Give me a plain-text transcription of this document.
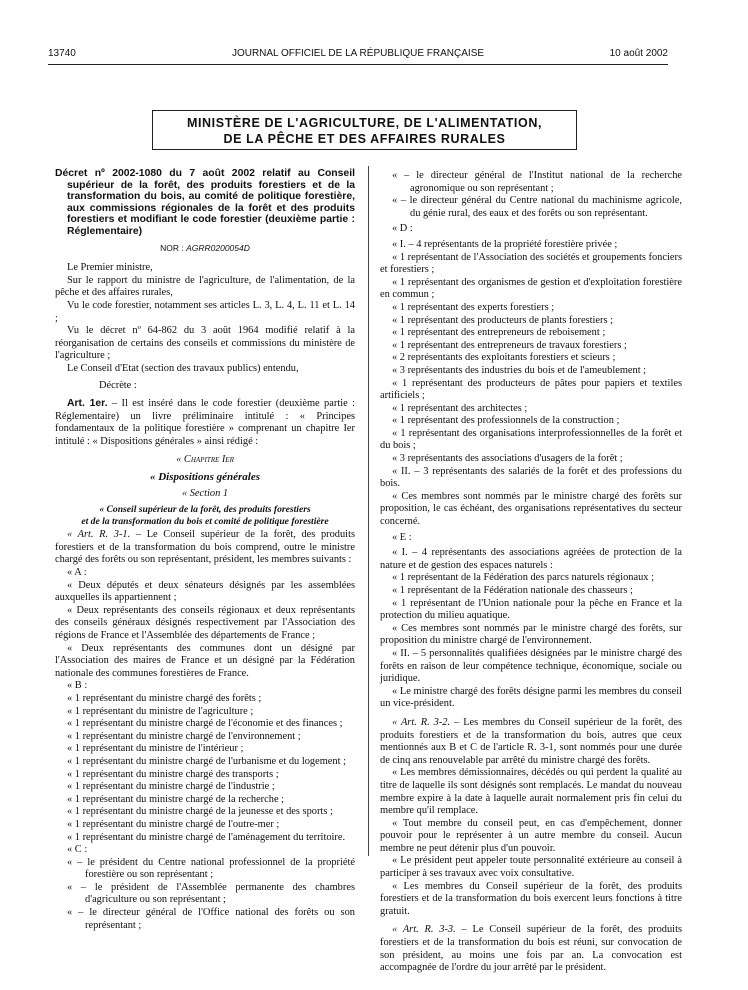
13740	JOURNAL OFFICIEL DE LA RÉPUBLIQUE FRANÇAISE	10 août 2002
MINISTÈRE DE L'AGRICULTURE, DE L'ALIMENTATION,
DE LA PÊCHE ET DES AFFAIRES RURALES
Décret nº 2002-1080 du 7 août 2002 relatif au Conseil supérieur de la forêt, des produits forestiers et de la transformation du bois, au comité de politique forestière, aux commissions régionales de la forêt et des produits forestiers et modifiant le code forestier (deuxième partie : Réglementaire)
NOR : AGRR0200054D

Le Premier ministre,

Sur le rapport du ministre de l'agriculture, de l'alimentation, de la pêche et des affaires rurales,

Vu le code forestier, notamment ses articles L. 3, L. 4, L. 11 et L. 14 ;

Vu le décret nº 64-862 du 3 août 1964 modifié relatif à la réorganisation de certains des conseils et commissions du ministère de l'agriculture ;

Le Conseil d'Etat (section des travaux publics) entendu,

Décrète :

Art. 1er. – Il est inséré dans le code forestier (deuxième partie : Réglementaire) un livre préliminaire intitulé : « Principes fondamentaux de la politique forestière » comprenant un chapitre Ier intitulé : « Dispositions générales » ainsi rédigé :

« Chapitre Ier

« Dispositions générales

« Section 1

« Conseil supérieur de la forêt, des produits forestiers
et de la transformation du bois et comité de politique forestière

« Art. R. 3-1. – Le Conseil supérieur de la forêt, des produits forestiers et de la transformation du bois comprend, outre le ministre chargé des forêts ou son représentant, président, les membres suivants :

« A :

« Deux députés et deux sénateurs désignés par les assemblées auxquelles ils appartiennent ;

« Deux représentants des conseils régionaux et deux représentants des conseils généraux désignés respectivement par l'Association des régions de France et l'Assemblée des départements de France ;

« Deux représentants des communes dont un désigné par l'Association des maires de France et un désigné par la Fédération nationale des communes forestières de France.

« B :

« 1 représentant du ministre chargé des forêts ;

« 1 représentant du ministre de l'agriculture ;

« 1 représentant du ministre chargé de l'économie et des finances ;

« 1 représentant du ministre chargé de l'environnement ;

« 1 représentant du ministre de l'intérieur ;

« 1 représentant du ministre chargé de l'urbanisme et du logement ;

« 1 représentant du ministre chargé des transports ;

« 1 représentant du ministre chargé de l'industrie ;

« 1 représentant du ministre chargé de la recherche ;

« 1 représentant du ministre chargé de la jeunesse et des sports ;

« 1 représentant du ministre chargé de l'outre-mer ;

« 1 représentant du ministre chargé de l'aménagement du territoire.

« C :

« – le président du Centre national professionnel de la propriété forestière ou son représentant ;

« – le président de l'Assemblée permanente des chambres d'agriculture ou son représentant ;

« – le directeur général de l'Office national des forêts ou son représentant ;

« – le directeur général de l'Institut national de la recherche agronomique ou son représentant ;

« – le directeur général du Centre national du machinisme agricole, du génie rural, des eaux et des forêts ou son représentant.

« D :

« I. – 4 représentants de la propriété forestière privée ;

« 1 représentant de l'Association des sociétés et groupements fonciers et forestiers ;

« 1 représentant des organismes de gestion et d'exploitation forestière en commun ;

« 1 représentant des experts forestiers ;

« 1 représentant des producteurs de plants forestiers ;

« 1 représentant des entrepreneurs de reboisement ;

« 1 représentant des entrepreneurs de travaux forestiers ;

« 2 représentants des exploitants forestiers et scieurs ;

« 3 représentants des industries du bois et de l'ameublement ;

« 1 représentant des producteurs de pâtes pour papiers et textiles artificiels ;

« 1 représentant des architectes ;

« 1 représentant des professionnels de la construction ;

« 1 représentant des organisations interprofessionnelles de la forêt et du bois ;

« 3 représentants des associations d'usagers de la forêt ;

« II. – 3 représentants des salariés de la forêt et des professions du bois.

« Ces membres sont nommés par le ministre chargé des forêts sur proposition, le cas échéant, des organisations représentatives du secteur concerné.

« E :

« I. – 4 représentants des associations agréées de protection de la nature et de gestion des espaces naturels :

« 1 représentant de la Fédération des parcs naturels régionaux ;

« 1 représentant de la Fédération nationale des chasseurs ;

« 1 représentant de l'Union nationale pour la pêche en France et la protection du milieu aquatique.

« Ces membres sont nommés par le ministre chargé des forêts, sur proposition du ministre chargé de l'environnement.

« II. – 5 personnalités qualifiées désignées par le ministre chargé des forêts en raison de leur compétence technique, économique, sociale ou juridique.

« Le ministre chargé des forêts désigne parmi les membres du conseil un vice-président.

« Art. R. 3-2. – Les membres du Conseil supérieur de la forêt, des produits forestiers et de la transformation du bois, autres que ceux mentionnés aux B et C de l'article R. 3-1, sont nommés pour une durée de cinq ans renouvelable par arrêté du ministre chargé des forêts.

« Les membres démissionnaires, décédés ou qui perdent la qualité au titre de laquelle ils sont désignés sont remplacés. Le mandat du nouveau membre expire à la date à laquelle aurait normalement pris fin celui du membre qu'il remplace.

« Tout membre du conseil peut, en cas d'empêchement, donner pouvoir pour le représenter à un autre membre du conseil. Aucun membre ne peut détenir plus d'un pouvoir.

« Le président peut appeler toute personnalité extérieure au conseil à participer à ses travaux avec voix consultative.

« Les membres du Conseil supérieur de la forêt, des produits forestiers et de la transformation du bois exercent leurs fonctions à titre gratuit.

« Art. R. 3-3. – Le Conseil supérieur de la forêt, des produits forestiers et de la transformation du bois est réuni, sur convocation de son président, au moins une fois par an. La convocation est accompagnée de l'ordre du jour arrêté par le président.
